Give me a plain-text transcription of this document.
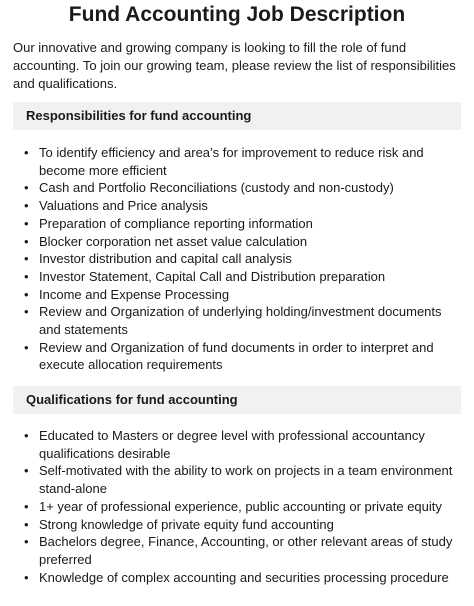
Fund Accounting Job Description

Our innovative and growing company is looking to fill the role of fund accounting. To join our growing team, please review the list of responsibilities and qualifications.

Responsibilities for fund accounting
• To identify efficiency and area’s for improvement to reduce risk and become more efficient
• Cash and Portfolio Reconciliations (custody and non-custody)
• Valuations and Price analysis
• Preparation of compliance reporting information
• Blocker corporation net asset value calculation
• Investor distribution and capital call analysis
• Investor Statement, Capital Call and Distribution preparation
• Income and Expense Processing
• Review and Organization of underlying holding/investment documents and statements
• Review and Organization of fund documents in order to interpret and execute allocation requirements
Qualifications for fund accounting
• Educated to Masters or degree level with professional accountancy qualifications desirable
• Self-motivated with the ability to work on projects in a team environment stand-alone
• 1+ year of professional experience, public accounting or private equity
• Strong knowledge of private equity fund accounting
• Bachelors degree, Finance, Accounting, or other relevant areas of study preferred
• Knowledge of complex accounting and securities processing procedure
